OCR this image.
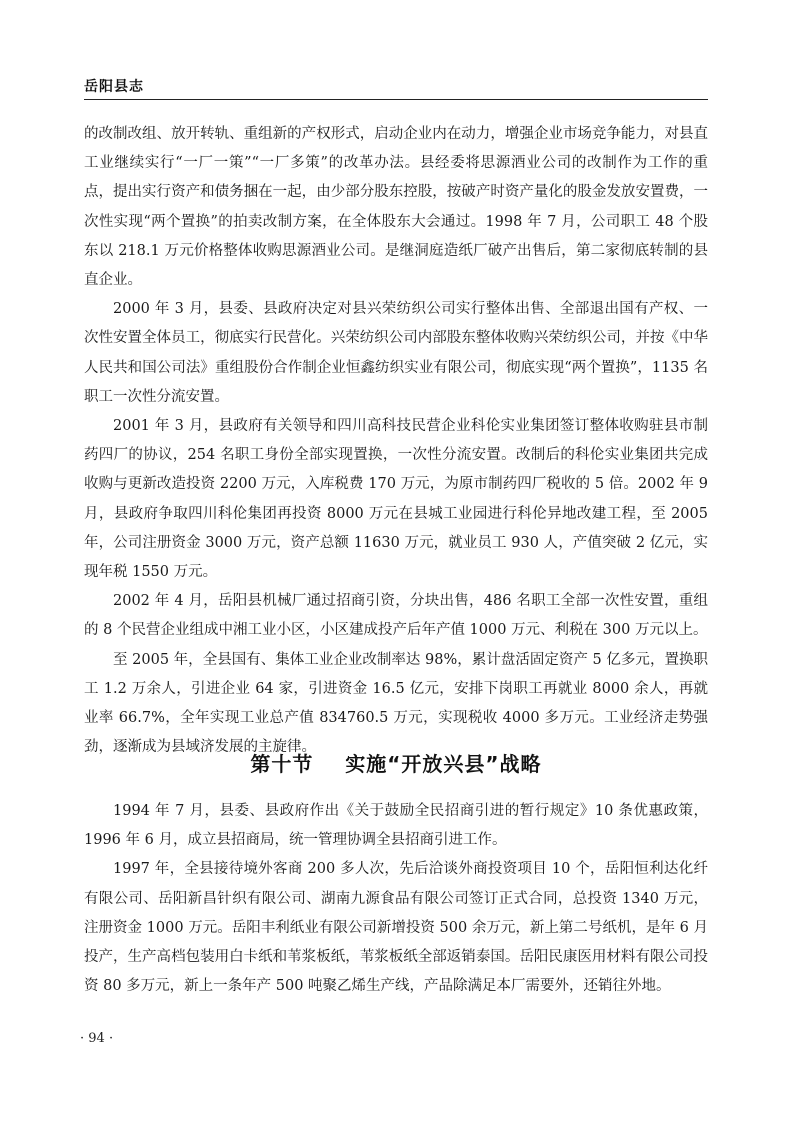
岳阳县志

的改制改组、放开转轨、重组新的产权形式，启动企业内在动力，增强企业市场竞争能力，对县直工业继续实行“一厂一策”“一厂多策”的改革办法。县经委将思源酒业公司的改制作为工作的重点，提出实行资产和债务捆在一起，由少部分股东控股，按破产时资产量化的股金发放安置费，一次性实现“两个置换”的拍卖改制方案，在全体股东大会通过。1998 年 7 月，公司职工 48 个股东以 218.1 万元价格整体收购思源酒业公司。是继洞庭造纸厂破产出售后，第二家彻底转制的县直企业。

2000 年 3 月，县委、县政府决定对县兴荣纺织公司实行整体出售、全部退出国有产权、一次性安置全体员工，彻底实行民营化。兴荣纺织公司内部股东整体收购兴荣纺织公司，并按《中华人民共和国公司法》重组股份合作制企业恒鑫纺织实业有限公司，彻底实现“两个置换”，1135 名职工一次性分流安置。

2001 年 3 月，县政府有关领导和四川高科技民营企业科伦实业集团签订整体收购驻县市制药四厂的协议，254 名职工身份全部实现置换，一次性分流安置。改制后的科伦实业集团共完成收购与更新改造投资 2200 万元，入库税费 170 万元，为原市制药四厂税收的 5 倍。2002 年 9 月，县政府争取四川科伦集团再投资 8000 万元在县城工业园进行科伦异地改建工程，至 2005 年，公司注册资金 3000 万元，资产总额 11630 万元，就业员工 930 人，产值突破 2 亿元，实现年税 1550 万元。

2002 年 4 月，岳阳县机械厂通过招商引资，分块出售，486 名职工全部一次性安置，重组的 8 个民营企业组成中湘工业小区，小区建成投产后年产值 1000 万元、利税在 300 万元以上。

至 2005 年，全县国有、集体工业企业改制率达 98%，累计盘活固定资产 5 亿多元，置换职工 1.2 万余人，引进企业 64 家，引进资金 16.5 亿元，安排下岗职工再就业 8000 余人，再就业率 66.7%，全年实现工业总产值 834760.5 万元，实现税收 4000 多万元。工业经济走势强劲，逐渐成为县域济发展的主旋律。

第十节    实施“开放兴县”战略

1994 年 7 月，县委、县政府作出《关于鼓励全民招商引进的暂行规定》10 条优惠政策，1996 年 6 月，成立县招商局，统一管理协调全县招商引进工作。

1997 年，全县接待境外客商 200 多人次，先后洽谈外商投资项目 10 个，岳阳恒利达化纤有限公司、岳阳新昌针织有限公司、湖南九源食品有限公司签订正式合同，总投资 1340 万元，注册资金 1000 万元。岳阳丰利纸业有限公司新增投资 500 余万元，新上第二号纸机，是年 6 月投产，生产高档包装用白卡纸和苇浆板纸，苇浆板纸全部返销泰国。岳阳民康医用材料有限公司投资 80 多万元，新上一条年产 500 吨聚乙烯生产线，产品除满足本厂需要外，还销往外地。

· 94 ·
